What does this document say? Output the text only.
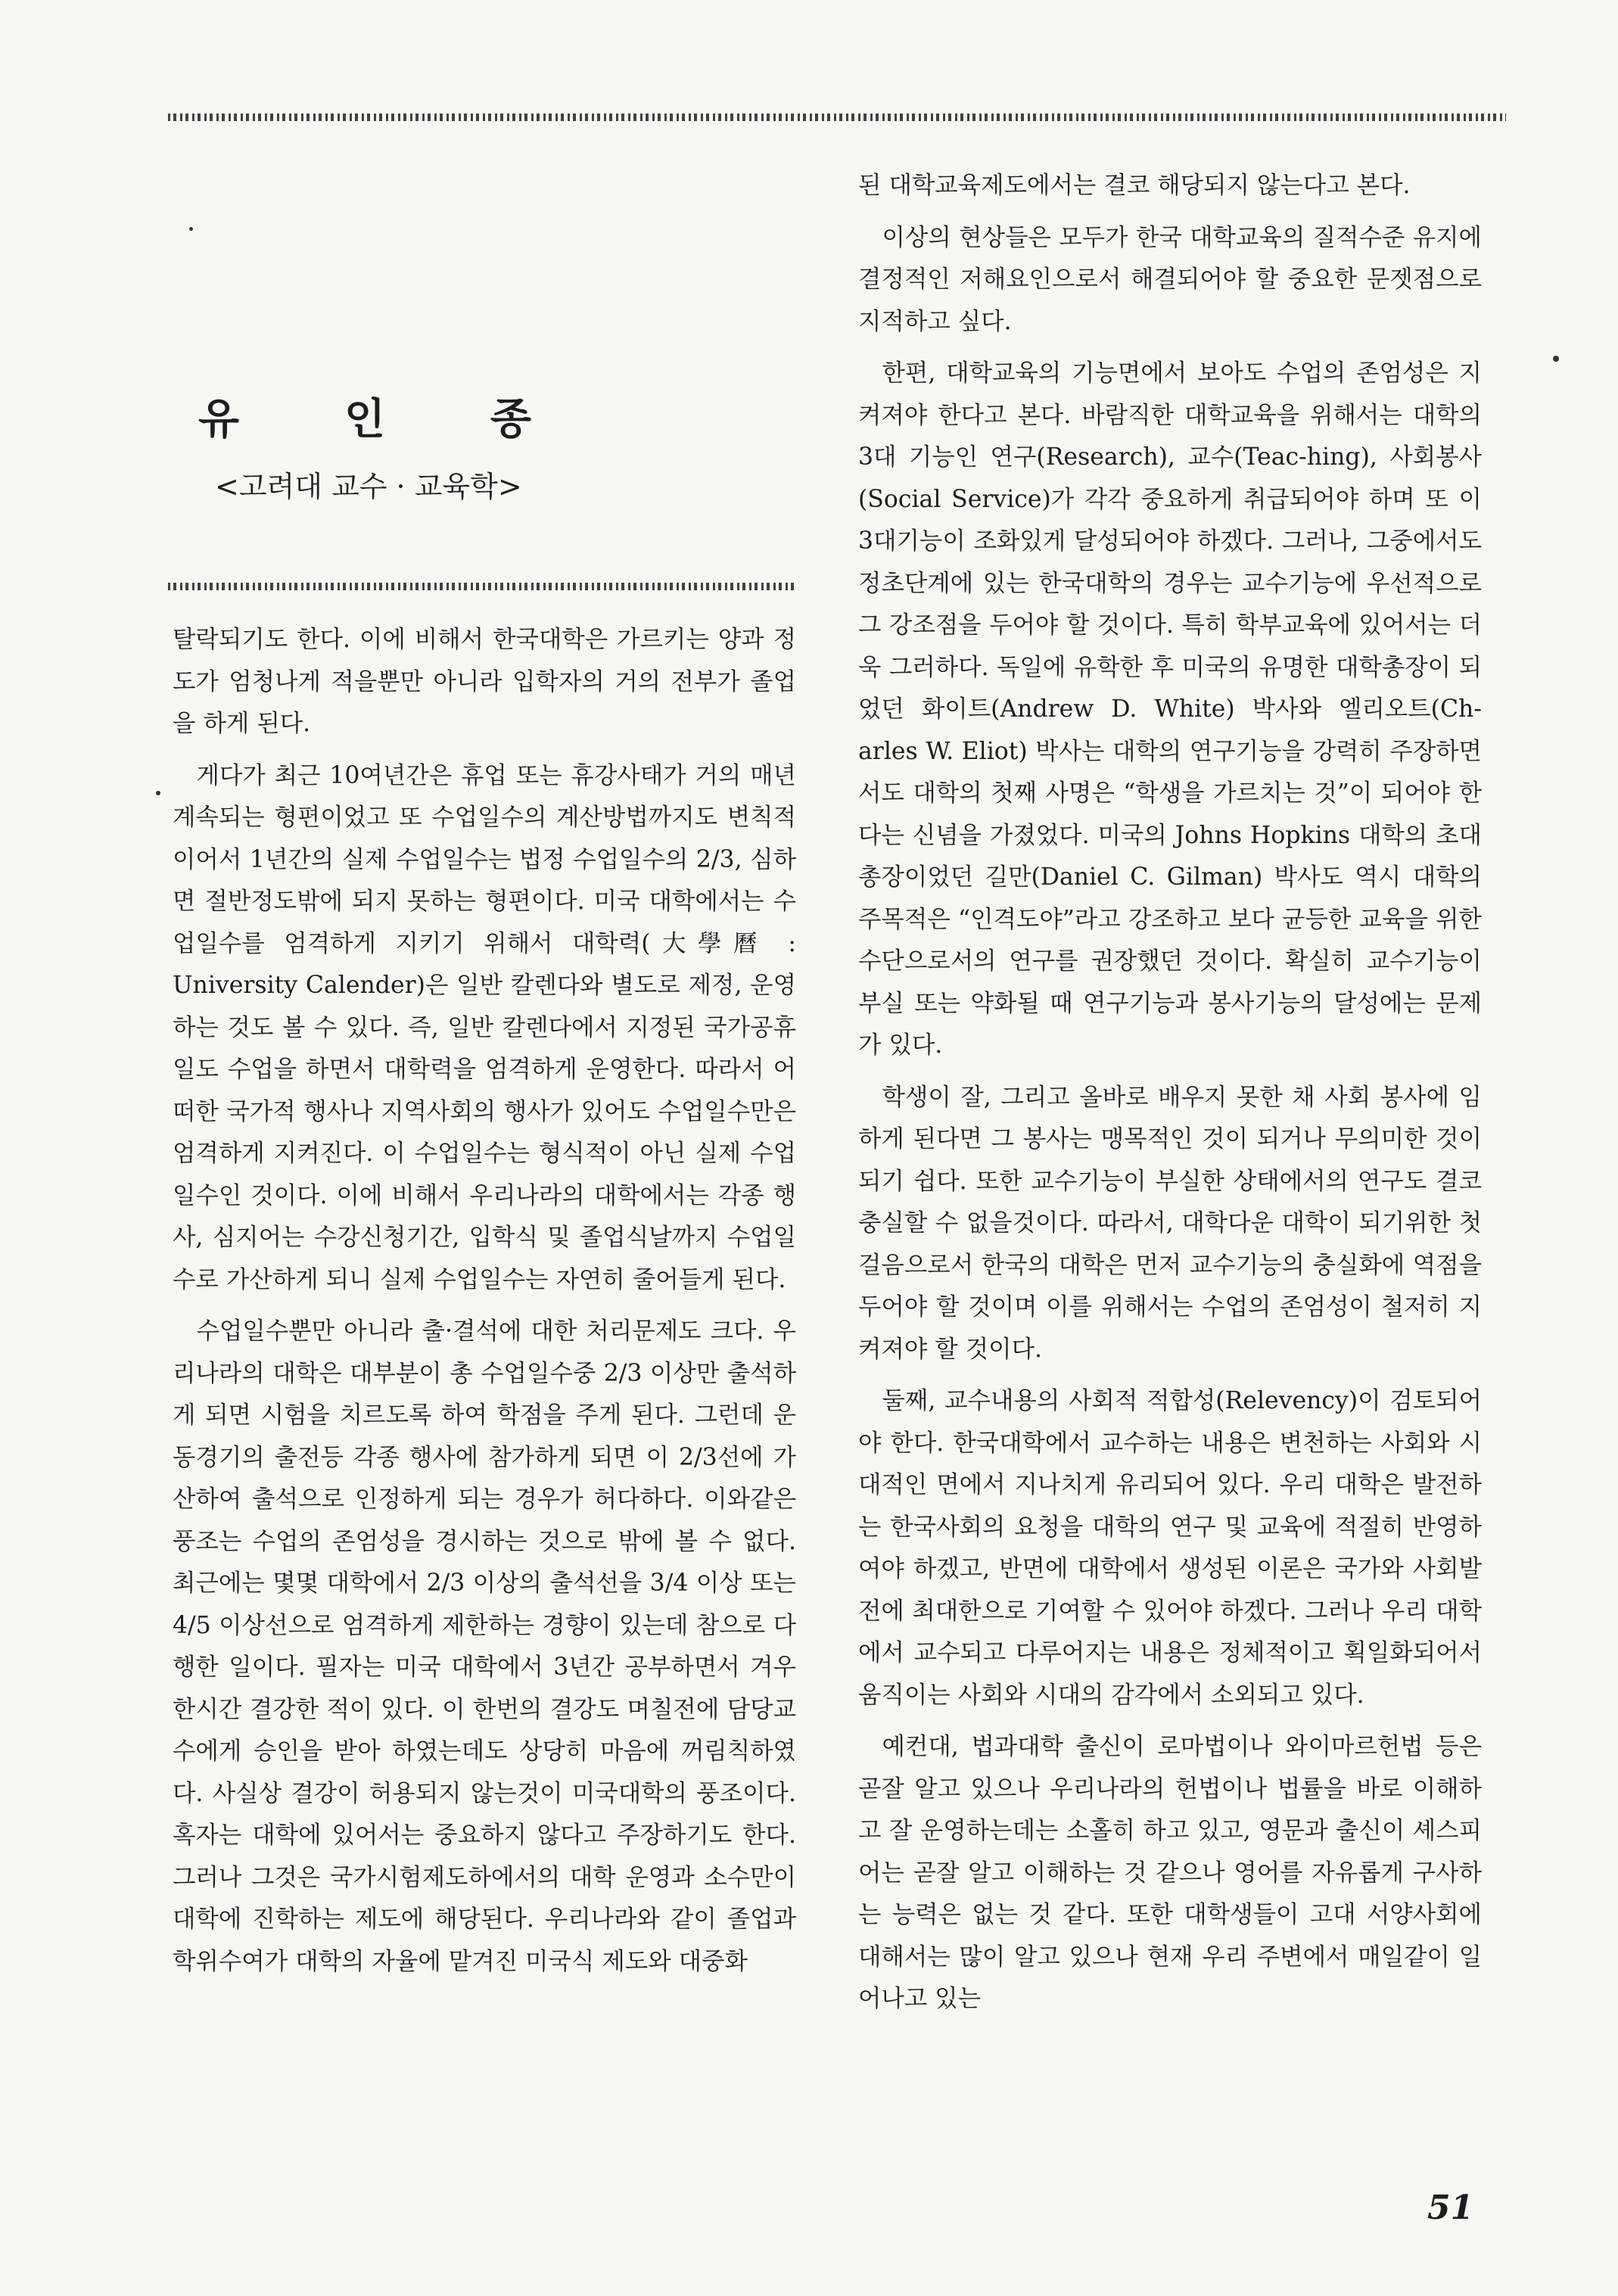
유 인 종
<고려대 교수 · 교육학>

탈락되기도 한다. 이에 비해서 한국대학은 가르키는 양과 정도가 엄청나게 적을뿐만 아니라 입학자의 거의 전부가 졸업을 하게 된다.

게다가 최근 10여년간은 휴업 또는 휴강사태가 거의 매년 계속되는 형편이었고 또 수업일수의 계산방법까지도 변칙적이어서 1년간의 실제 수업일수는 법정 수업일수의 2/3, 심하면 절반정도밖에 되지 못하는 형편이다. 미국 대학에서는 수업일수를 엄격하게 지키기 위해서 대학력(大學曆 : University Calender)은 일반 칼렌다와 별도로 제정, 운영하는 것도 볼 수 있다. 즉, 일반 칼렌다에서 지정된 국가공휴일도 수업을 하면서 대학력을 엄격하게 운영한다. 따라서 어떠한 국가적 행사나 지역사회의 행사가 있어도 수업일수만은 엄격하게 지켜진다. 이 수업일수는 형식적이 아닌 실제 수업일수인 것이다. 이에 비해서 우리나라의 대학에서는 각종 행사, 심지어는 수강신청기간, 입학식 및 졸업식날까지 수업일수로 가산하게 되니 실제 수업일수는 자연히 줄어들게 된다.

수업일수뿐만 아니라 출·결석에 대한 처리문제도 크다. 우리나라의 대학은 대부분이 총 수업일수중 2/3 이상만 출석하게 되면 시험을 치르도록 하여 학점을 주게 된다. 그런데 운동경기의 출전등 각종 행사에 참가하게 되면 이 2/3선에 가산하여 출석으로 인정하게 되는 경우가 허다하다. 이와같은 풍조는 수업의 존엄성을 경시하는 것으로 밖에 볼 수 없다. 최근에는 몇몇 대학에서 2/3 이상의 출석선을 3/4 이상 또는 4/5 이상선으로 엄격하게 제한하는 경향이 있는데 참으로 다행한 일이다. 필자는 미국 대학에서 3년간 공부하면서 겨우 한시간 결강한 적이 있다. 이 한번의 결강도 며칠전에 담당교수에게 승인을 받아 하였는데도 상당히 마음에 꺼림칙하였다. 사실상 결강이 허용되지 않는것이 미국대학의 풍조이다. 혹자는 대학에 있어서는 중요하지 않다고 주장하기도 한다. 그러나 그것은 국가시험제도하에서의 대학 운영과 소수만이 대학에 진학하는 제도에 해당된다. 우리나라와 같이 졸업과 학위수여가 대학의 자율에 맡겨진 미국식 제도와 대중화

된 대학교육제도에서는 결코 해당되지 않는다고 본다.

이상의 현상들은 모두가 한국 대학교육의 질적수준 유지에 결정적인 저해요인으로서 해결되어야 할 중요한 문젯점으로 지적하고 싶다.

한편, 대학교육의 기능면에서 보아도 수업의 존엄성은 지켜져야 한다고 본다. 바람직한 대학교육을 위해서는 대학의 3대 기능인 연구(Research), 교수(Teac-hing), 사회봉사(Social Service)가 각각 중요하게 취급되어야 하며 또 이 3대기능이 조화있게 달성되어야 하겠다. 그러나, 그중에서도 정초단계에 있는 한국대학의 경우는 교수기능에 우선적으로 그 강조점을 두어야 할 것이다. 특히 학부교육에 있어서는 더욱 그러하다. 독일에 유학한 후 미국의 유명한 대학총장이 되었던 화이트(Andrew D. White) 박사와 엘리오트(Ch-arles W. Eliot) 박사는 대학의 연구기능을 강력히 주장하면서도 대학의 첫째 사명은 “학생을 가르치는 것”이 되어야 한다는 신념을 가졌었다. 미국의 Johns Hopkins 대학의 초대 총장이었던 길만(Daniel C. Gilman) 박사도 역시 대학의 주목적은 “인격도야”라고 강조하고 보다 균등한 교육을 위한 수단으로서의 연구를 권장했던 것이다. 확실히 교수기능이 부실 또는 약화될 때 연구기능과 봉사기능의 달성에는 문제가 있다.

학생이 잘, 그리고 올바로 배우지 못한 채 사회 봉사에 임하게 된다면 그 봉사는 맹목적인 것이 되거나 무의미한 것이 되기 쉽다. 또한 교수기능이 부실한 상태에서의 연구도 결코 충실할 수 없을것이다. 따라서, 대학다운 대학이 되기위한 첫 걸음으로서 한국의 대학은 먼저 교수기능의 충실화에 역점을 두어야 할 것이며 이를 위해서는 수업의 존엄성이 철저히 지켜져야 할 것이다.

둘째, 교수내용의 사회적 적합성(Relevency)이 검토되어야 한다. 한국대학에서 교수하는 내용은 변천하는 사회와 시대적인 면에서 지나치게 유리되어 있다. 우리 대학은 발전하는 한국사회의 요청을 대학의 연구 및 교육에 적절히 반영하여야 하겠고, 반면에 대학에서 생성된 이론은 국가와 사회발전에 최대한으로 기여할 수 있어야 하겠다. 그러나 우리 대학에서 교수되고 다루어지는 내용은 정체적이고 획일화되어서 움직이는 사회와 시대의 감각에서 소외되고 있다.

예컨대, 법과대학 출신이 로마법이나 와이마르헌법 등은 곧잘 알고 있으나 우리나라의 헌법이나 법률을 바로 이해하고 잘 운영하는데는 소홀히 하고 있고, 영문과 출신이 셰스피어는 곧잘 알고 이해하는 것 같으나 영어를 자유롭게 구사하는 능력은 없는 것 같다. 또한 대학생들이 고대 서양사회에 대해서는 많이 알고 있으나 현재 우리 주변에서 매일같이 일어나고 있는

51
